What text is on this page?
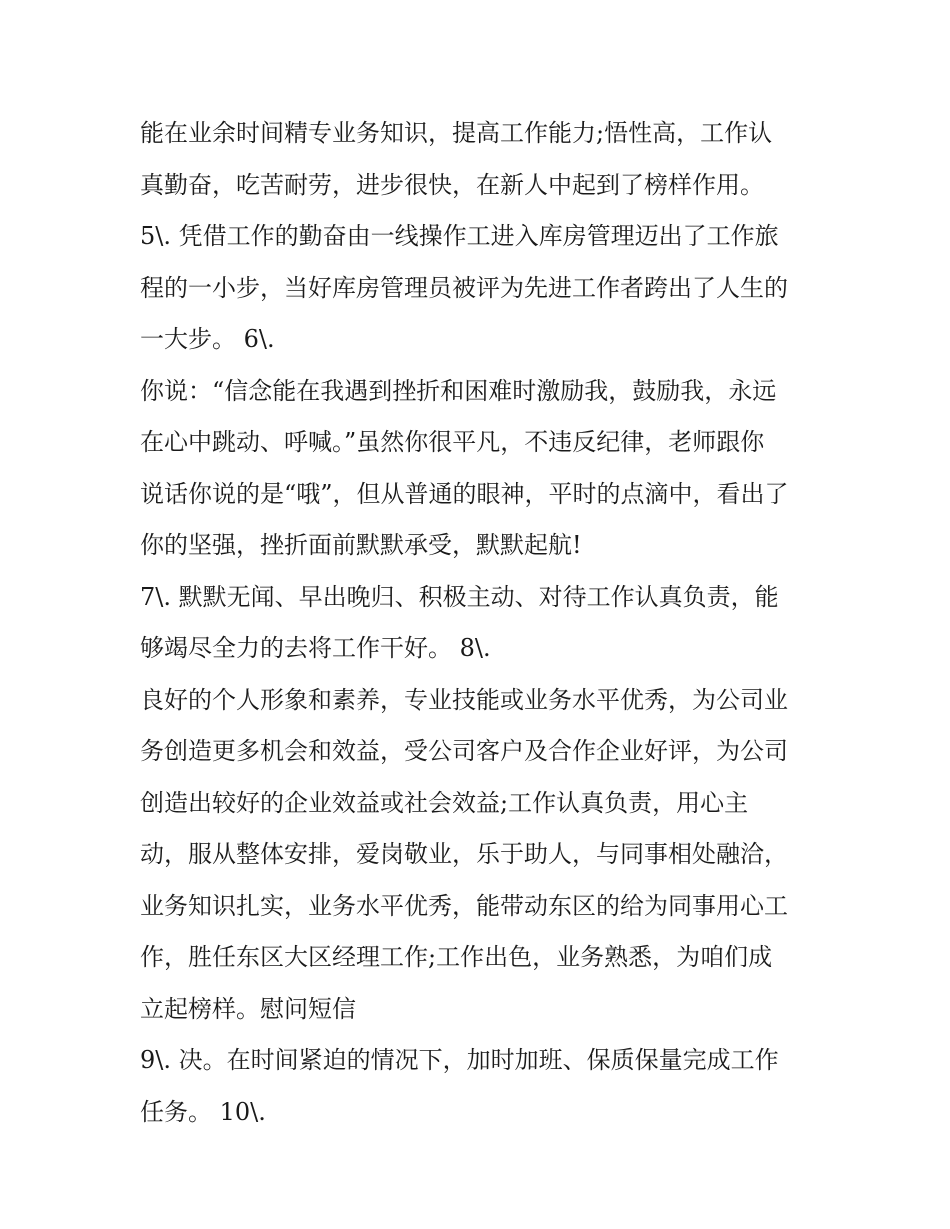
能在业余时间精专业务知识，提高工作能力;悟性高，工作认
真勤奋，吃苦耐劳，进步很快，在新人中起到了榜样作用。
5\. 凭借工作的勤奋由一线操作工进入库房管理迈出了工作旅
程的一小步，当好库房管理员被评为先进工作者跨出了人生的
一大步。 6\.
你说：“信念能在我遇到挫折和困难时激励我，鼓励我，永远
在心中跳动、呼喊。”虽然你很平凡，不违反纪律，老师跟你
说话你说的是“哦”，但从普通的眼神，平时的点滴中，看出了
你的坚强，挫折面前默默承受，默默起航!
7\. 默默无闻、早出晚归、积极主动、对待工作认真负责，能
够竭尽全力的去将工作干好。 8\.
良好的个人形象和素养，专业技能或业务水平优秀，为公司业
务创造更多机会和效益，受公司客户及合作企业好评，为公司
创造出较好的企业效益或社会效益;工作认真负责，用心主
动，服从整体安排，爱岗敬业，乐于助人，与同事相处融洽，
业务知识扎实，业务水平优秀，能带动东区的给为同事用心工
作，胜任东区大区经理工作;工作出色，业务熟悉，为咱们成
立起榜样。慰问短信
9\. 决。在时间紧迫的情况下，加时加班、保质保量完成工作
任务。 10\.
